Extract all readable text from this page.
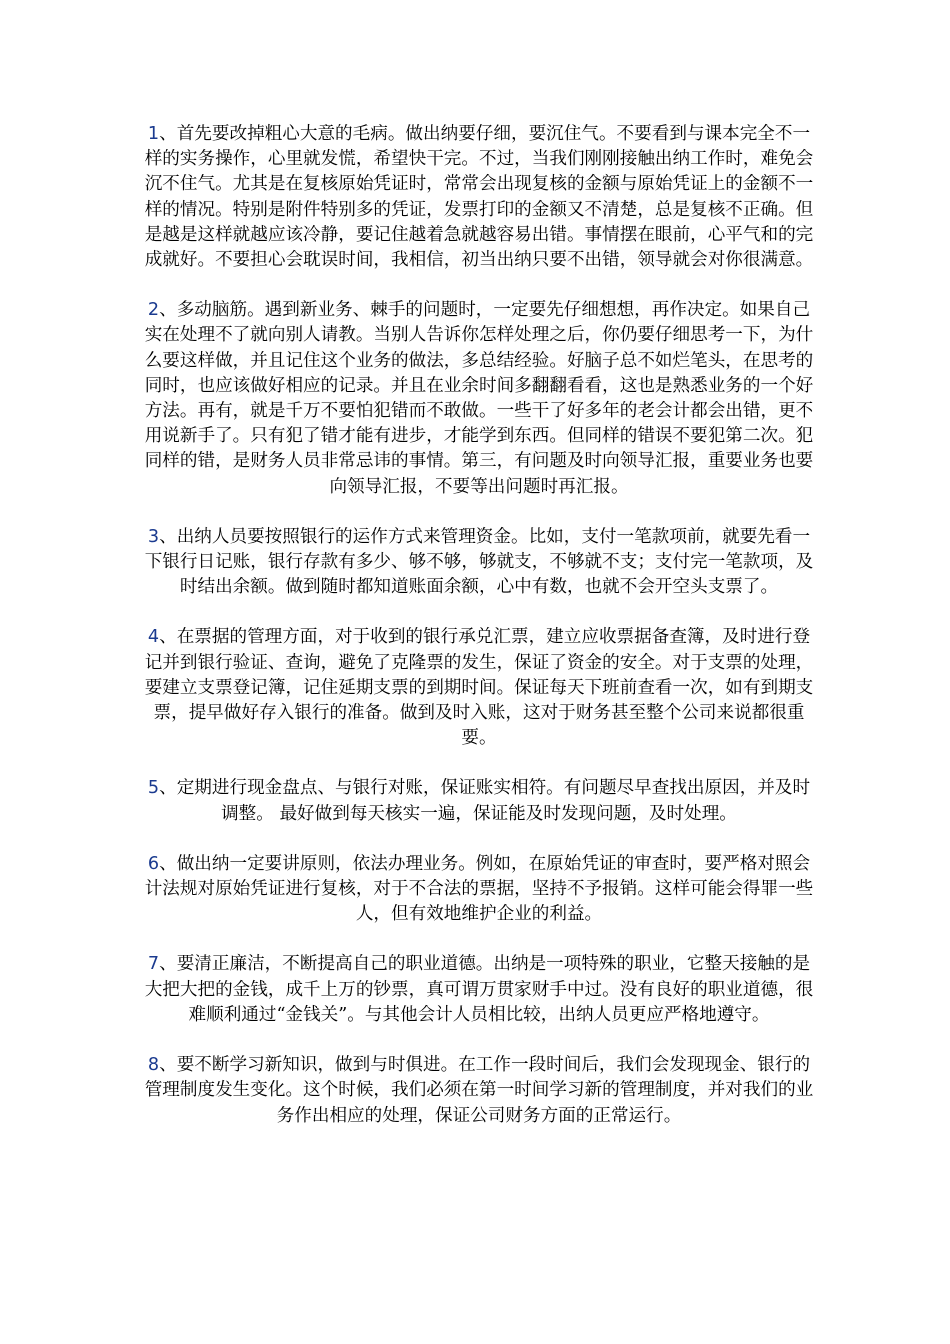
1、首先要改掉粗心大意的毛病。做出纳要仔细，要沉住气。不要看到与课本完全不一样的实务操作，心里就发慌，希望快干完。不过，当我们刚刚接触出纳工作时，难免会沉不住气。尤其是在复核原始凭证时，常常会出现复核的金额与原始凭证上的金额不一样的情况。特别是附件特别多的凭证，发票打印的金额又不清楚，总是复核不正确。但是越是这样就越应该冷静，要记住越着急就越容易出错。事情摆在眼前，心平气和的完成就好。不要担心会耽误时间，我相信，初当出纳只要不出错，领导就会对你很满意。

2、多动脑筋。遇到新业务、棘手的问题时，一定要先仔细想想，再作决定。如果自己实在处理不了就向别人请教。当别人告诉你怎样处理之后，你仍要仔细思考一下，为什么要这样做，并且记住这个业务的做法，多总结经验。好脑子总不如烂笔头，在思考的同时，也应该做好相应的记录。并且在业余时间多翻翻看看，这也是熟悉业务的一个好方法。再有，就是千万不要怕犯错而不敢做。一些干了好多年的老会计都会出错，更不用说新手了。只有犯了错才能有进步，才能学到东西。但同样的错误不要犯第二次。犯同样的错，是财务人员非常忌讳的事情。第三，有问题及时向领导汇报，重要业务也要向领导汇报，不要等出问题时再汇报。

3、出纳人员要按照银行的运作方式来管理资金。比如，支付一笔款项前，就要先看一下银行日记账，银行存款有多少、够不够，够就支，不够就不支；支付完一笔款项，及时结出余额。做到随时都知道账面余额，心中有数，也就不会开空头支票了。

4、在票据的管理方面，对于收到的银行承兑汇票，建立应收票据备查簿，及时进行登记并到银行验证、查询，避免了克隆票的发生，保证了资金的安全。对于支票的处理，要建立支票登记簿，记住延期支票的到期时间。保证每天下班前查看一次，如有到期支票，提早做好存入银行的准备。做到及时入账，这对于财务甚至整个公司来说都很重要。

5、定期进行现金盘点、与银行对账，保证账实相符。有问题尽早查找出原因，并及时调整。 最好做到每天核实一遍，保证能及时发现问题，及时处理。

6、做出纳一定要讲原则，依法办理业务。例如，在原始凭证的审查时，要严格对照会计法规对原始凭证进行复核，对于不合法的票据，坚持不予报销。这样可能会得罪一些人，但有效地维护企业的利益。

7、要清正廉洁，不断提高自己的职业道德。出纳是一项特殊的职业，它整天接触的是大把大把的金钱，成千上万的钞票，真可谓万贯家财手中过。没有良好的职业道德，很难顺利通过“金钱关”。与其他会计人员相比较，出纳人员更应严格地遵守。

8、要不断学习新知识，做到与时俱进。在工作一段时间后，我们会发现现金、银行的管理制度发生变化。这个时候，我们必须在第一时间学习新的管理制度，并对我们的业务作出相应的处理，保证公司财务方面的正常运行。
